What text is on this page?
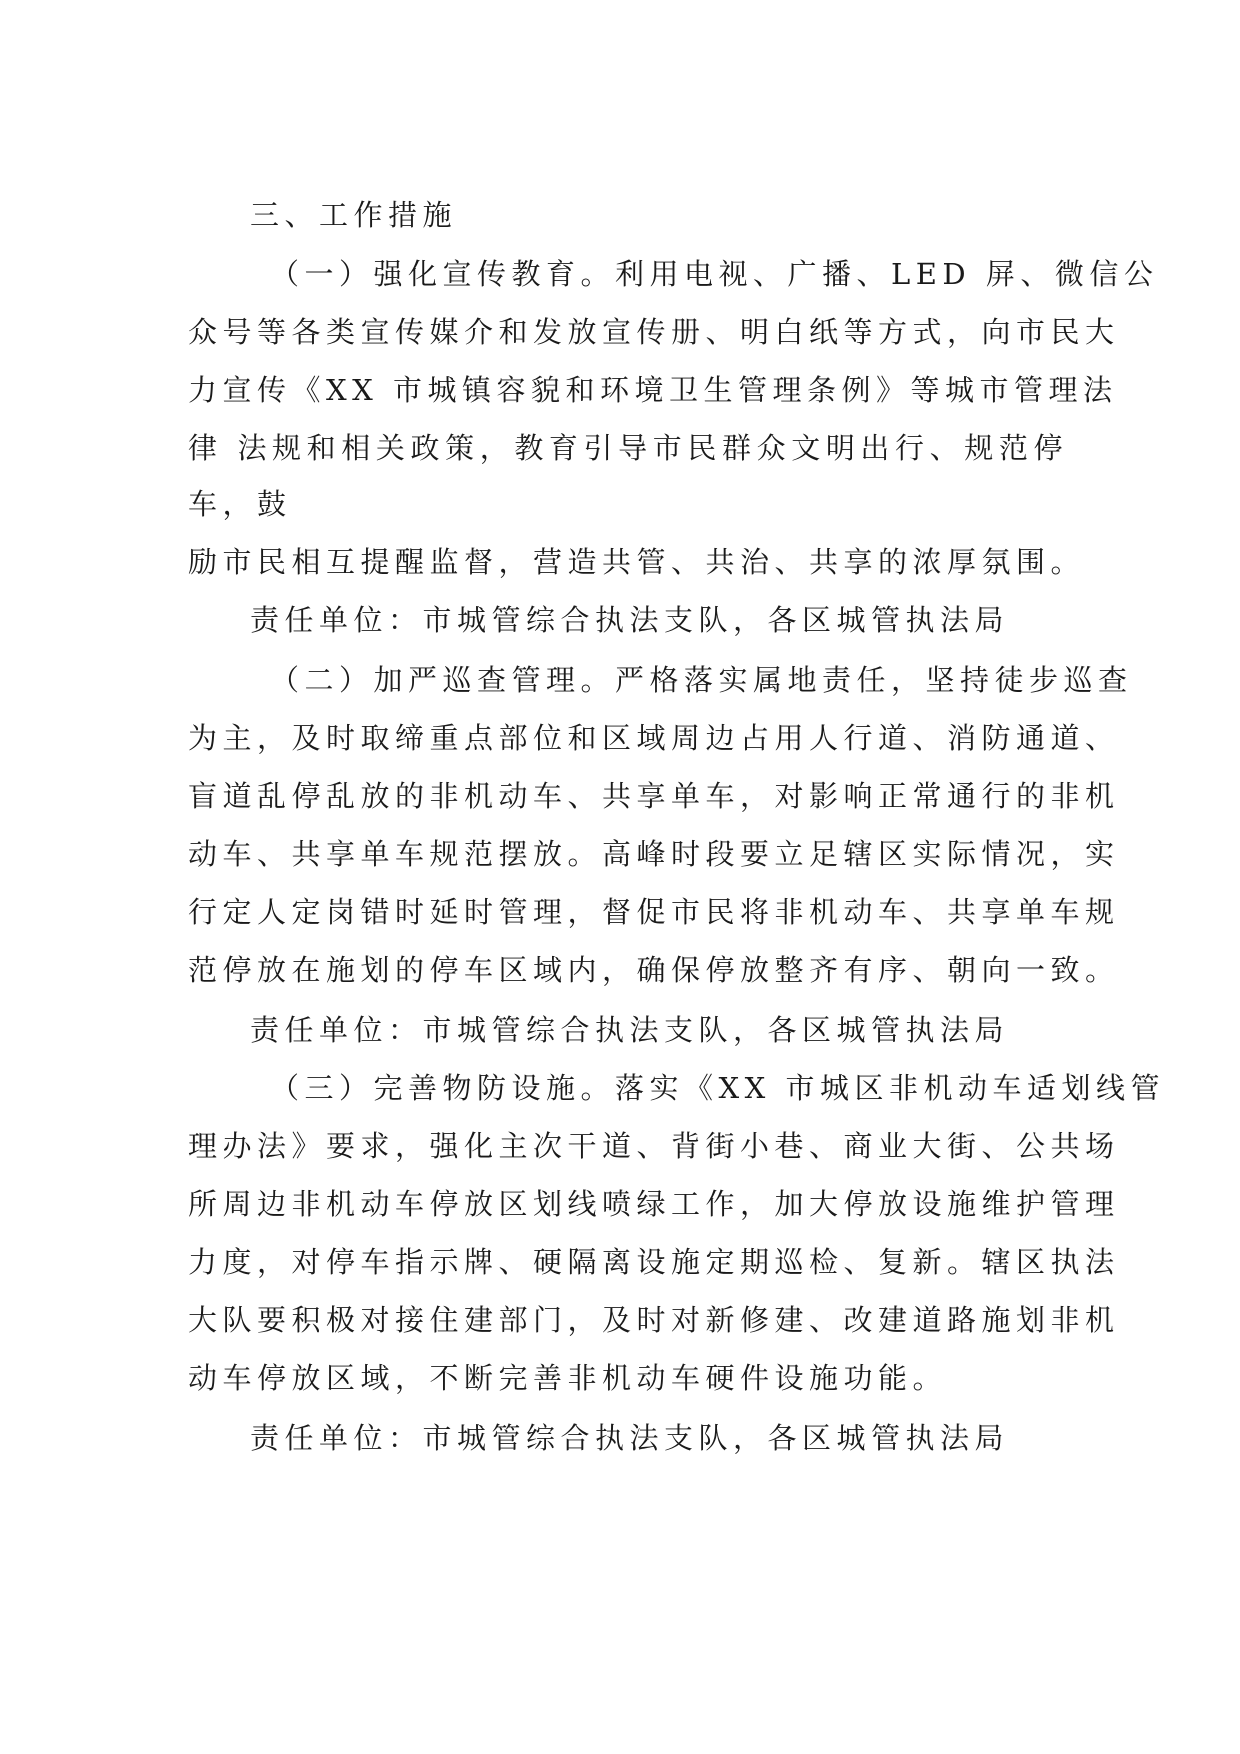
三、工作措施
（一）强化宣传教育。利用电视、广播、LED 屏、微信公
众号等各类宣传媒介和发放宣传册、明白纸等方式，向市民大
力宣传《XX 市城镇容貌和环境卫生管理条例》等城市管理法
律 法规和相关政策，教育引导市民群众文明出行、规范停
车，鼓
励市民相互提醒监督，营造共管、共治、共享的浓厚氛围。
责任单位：市城管综合执法支队，各区城管执法局
（二）加严巡查管理。严格落实属地责任，坚持徒步巡查
为主，及时取缔重点部位和区域周边占用人行道、消防通道、
盲道乱停乱放的非机动车、共享单车，对影响正常通行的非机
动车、共享单车规范摆放。高峰时段要立足辖区实际情况，实
行定人定岗错时延时管理，督促市民将非机动车、共享单车规
范停放在施划的停车区域内，确保停放整齐有序、朝向一致。
责任单位：市城管综合执法支队，各区城管执法局
（三）完善物防设施。落实《XX 市城区非机动车适划线管
理办法》要求，强化主次干道、背街小巷、商业大街、公共场
所周边非机动车停放区划线喷绿工作，加大停放设施维护管理
力度，对停车指示牌、硬隔离设施定期巡检、复新。辖区执法
大队要积极对接住建部门，及时对新修建、改建道路施划非机
动车停放区域，不断完善非机动车硬件设施功能。
责任单位：市城管综合执法支队，各区城管执法局
